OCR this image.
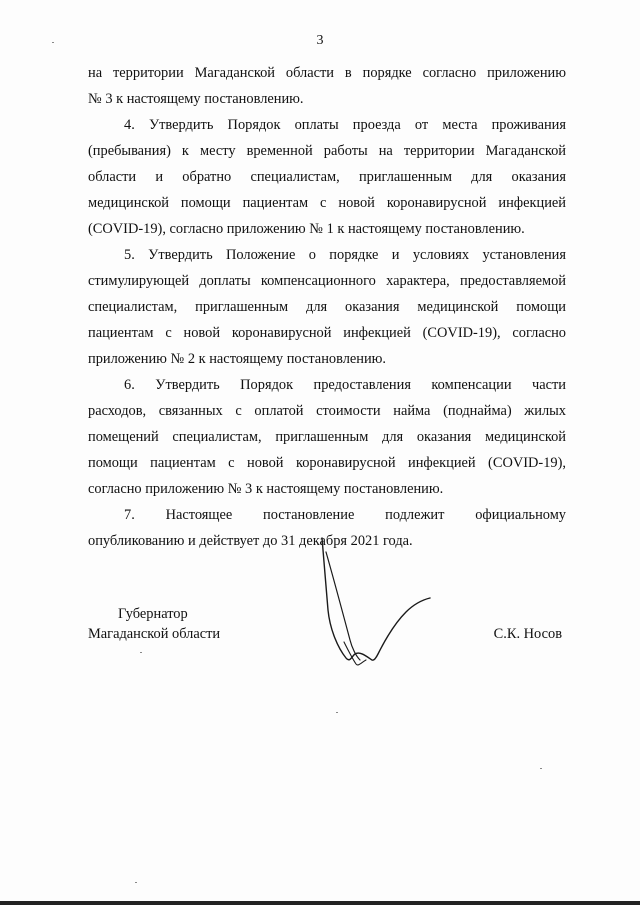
3

на территории Магаданской области в порядке согласно приложению

№ 3 к настоящему постановлению.

4. Утвердить Порядок оплаты проезда от места проживания

(пребывания) к месту временной работы на территории Магаданской

области и обратно специалистам, приглашенным для оказания

медицинской помощи пациентам с новой коронавирусной инфекцией

(COVID-19), согласно приложению № 1 к настоящему постановлению.

5. Утвердить Положение о порядке и условиях установления

стимулирующей доплаты компенсационного характера, предоставляемой

специалистам, приглашенным для оказания медицинской помощи

пациентам с новой коронавирусной инфекцией (COVID-19), согласно

приложению № 2 к настоящему постановлению.

6. Утвердить Порядок предоставления компенсации части

расходов, связанных с оплатой стоимости найма (поднайма) жилых

помещений специалистам, приглашенным для оказания медицинской

помощи пациентам с новой коронавирусной инфекцией (COVID-19),

согласно приложению № 3 к настоящему постановлению.

7. Настоящее постановление подлежит официальному

опубликованию и действует до 31 декабря 2021 года.

Губернатор
Магаданской области	С.К. Носов
